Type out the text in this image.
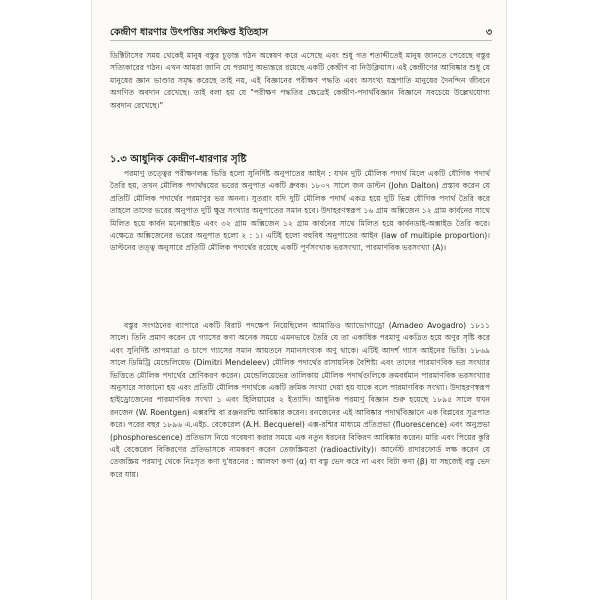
কেন্দ্রীণ ধারণার উৎপত্তির সংক্ষিপ্ত ইতিহাস	৩
ডিক্টিটাসের সময় থেকেই মানুষ বস্তুর চূড়ান্ত গঠন অন্বেষণ করে এসেছে এবং শুধু গত শতাব্দীতেই মানুষ জানতে পেরেছে বস্তুর সত্যিকারের গঠন। এখন আমরা জানি যে পরমাণু অভ্যন্তরে রয়েছে একটি কেন্দ্রীণ বা নিউক্লিয়াস। এই কেন্দ্রীণের আবিষ্কার শুধু যে মানুষের জ্ঞান ভাণ্ডার সমৃদ্ধ করেছে তাই নয়, এই বিজ্ঞানের পরীক্ষণ পদ্ধতি এবং অসংখ্য যন্ত্রপাতি মানুষের দৈনন্দিন জীবনে অগণিত অবদান রেখেছে। তাই বলা হয় যে "পরীক্ষণ পদ্ধতির ক্ষেত্রেই কেন্দ্রীণ-পদার্থবিজ্ঞান বিজ্ঞানে সবচেয়ে উল্লেখযোগ্য অবদান রেখেছে।"
১.৩ আধুনিক কেন্দ্রীণ-ধারণার সৃষ্টি
পরমাণু তত্ত্বের পরীক্ষণলব্ধ ভিত্তি হলো সুনির্দিষ্ট অনুপাতের আইন : যখন দুটি মৌলিক পদার্থ মিলে একটি যৌগিক পদার্থ তৈরি হয়, তখন মৌলিক পদার্থদ্বয়ের ভরের অনুপাত একটি ধ্রুবক। ১৮০৭ সালে জন ডাল্টন (John Dalton) প্রস্তাব করেন যে প্রতিটি মৌলিক পদার্থের পরমাণুর ভর অনন্য। সুতরাং যদি দুটি মৌলিক পদার্থ একত্র হয়ে দুটি ভিন্ন যৌগিক পদার্থ তৈরি করে তাহলে তাদের ভরের অনুপাত দুটি ক্ষুদ্র সংখ্যার অনুপাতের সমান হবে। উদাহরণস্বরূপ ১৬ গ্রাম অক্সিজেন ১২ গ্রাম কার্বনের সাথে মিলিত হয়ে কার্বন মনোক্সাইড এবং ৩২ গ্রাম অক্সিজেন ১২ গ্রাম কার্বনের সাথে মিলিত হয়ে কার্বনডাই-অক্সাইড তৈরি করে। এক্ষেত্রে অক্সিজেনের ভরের অনুপাত হলো ২ : ১। এটিই হলো বহুবিধ অনুপাতের আইন (law of multiple proportion)। ডাল্টনের তত্ত্ব অনুসারে প্রতিটি মৌলিক পদার্থের রয়েছে একটি পূর্ণসংখ্যক ভরসংখ্যা, পারমাণবিক ভরসংখ্যা (A)।
বস্তুর সংগঠনের ব্যাপারে একটি বিরাট পদক্ষেপ নিয়েছিলেন আমাডিও অ্যাভোগাড্রো (Amadeo Avogadro) ১৮১১ সালে। তিনি প্রমাণ করেন যে গ্যাসের কণা অনেক সময়ে এমনভাবে তৈরি যে তা একাধিক পরমাণু একত্রিত হয়ে অণুর সৃষ্টি করে এবং সুনির্দিষ্ট তাপমাত্রা ও চাপে গ্যাসের সমান আয়তনে সমানসংখ্যক অণু থাকে। এটিই আদর্শ গ্যাস আইনের ভিত্তি। ১৮৬৯ সালে ডিমিট্রি মেন্ডেলিয়েভ (Dimitri Mendeleev) মৌলিক পদার্থের রাসায়নিক বৈশিষ্ট্য এবং তাদের পারমাণবিক ভর সংখ্যার ভিত্তিতে মৌলিক পদার্থের শ্রেণিকরণ করেন। মেন্ডেলিয়েভের তালিকায় মৌলিক পদার্থগুলিকে ক্রমবর্ধমান পারমাণবিক ভরসংখ্যার অনুসারে সাজানো হয় এবং প্রতিটি মৌলিক পদার্থকে একটি ক্রমিক সংখ্যা দেয়া হয় যাকে বলে পারমাণবিক সংখ্যা। উদাহরণস্বরূপ হাইড্রোজেনের পারমাণবিক সংখ্যা ১ এবং হিলিয়ামের ২ ইত্যাদি। আধুনিক পরমাণু বিজ্ঞান শুরু হয়েছে ১৮৯৫ সালে যখন রনজেন (W. Roentgen) এক্সরশ্মি বা রঞ্জনরশ্মি আবিষ্কার করেন। রনজেনের এই আবিষ্কার পদার্থবিজ্ঞানে এক বিপ্লবের সূত্রপাত করে। পরের বছর ১৮৯৬ এ.এইচ. বেকেরেল (A.H. Becquerel) এক্স-রশ্মির মাধ্যমে প্রতিপ্রভা (fluorescence) এবং অনুপ্রভা (phosphorescence) প্রতিভাস নিয়ে গবেষণা করার সময়ে এক নতুন ধরনের বিকিরণ আবিষ্কার করেন। মারি এবং পিয়ের কুরি এই বেকেরেল বিকিরণের প্রতিভাসকে নামকরণ করেন তেজস্ক্রিয়তা (radioactivity)। আর্নেস্ট রাদারফোর্ড লক্ষ করেন যে তেজস্ক্রিয় পরমাণু থেকে নিঃসৃত কণা দু'ধরনের : আলফা কণা (α) যা বস্তু ভেদ করে না এবং বিটা কণা (β) যা সহজেই বস্তু ভেদ করে যায়।
